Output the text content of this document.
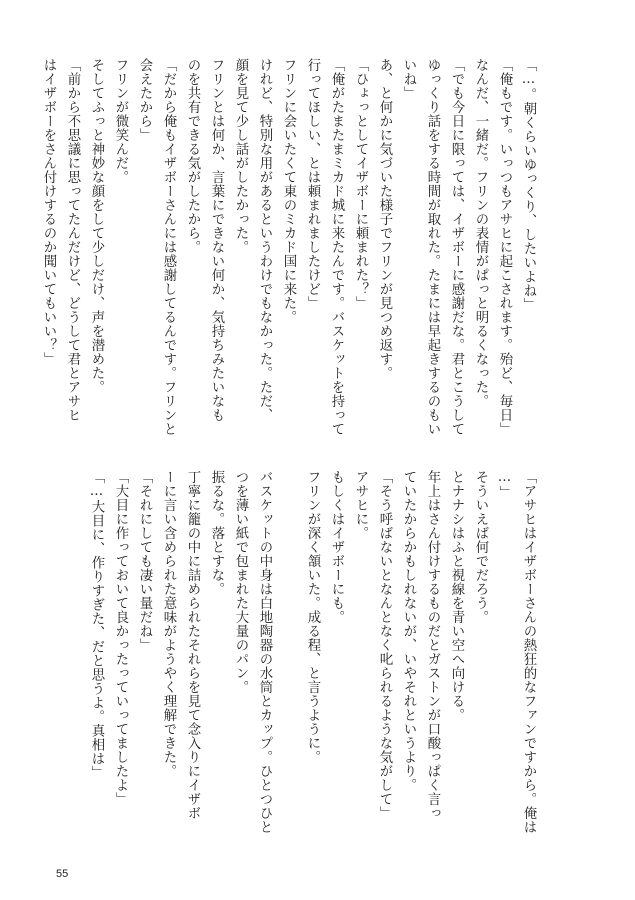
「…。朝くらいゆっくり、したいよね」
「俺もです。いっつもアサヒに起こされます。殆ど、毎日」
なんだ、一緒だ。フリンの表情がぱっと明るくなった。
「でも今日に限っては、イザボーに感謝だな。君とこうして
ゆっくり話をする時間が取れた。たまには早起きするのもい
いね」
あ、と何かに気づいた様子でフリンが見つめ返す。
「ひょっとしてイザボーに頼まれた？」
「俺がたまたまミカド城に来たんです。バスケットを持って
行ってほしい、とは頼まれましたけど」
フリンに会いたくて東のミカド国に来た。
けれど、特別な用があるというわけでもなかった。ただ、
顔を見て少し話がしたかった。
フリンとは何か、言葉にできない何か、気持ちみたいなも
のを共有できる気がしたから。
「だから俺もイザボーさんには感謝してるんです。フリンと
会えたから」
フリンが微笑んだ。
そしてふっと神妙な顔をして少しだけ、声を潜めた。
「前から不思議に思ってたんだけど、どうして君とアサヒ
はイザボーをさん付けするのか聞いてもいい？」
「アサヒはイザボーさんの熱狂的なファンですから。俺は
…」
そういえば何でだろう。
とナナシはふと視線を青い空へ向ける。
年上はさん付けするものだとガストンが口酸っぱく言っ
ていたからかもしれないが、いやそれというより。
「そう呼ばないとなんとなく叱られるような気がして」
アサヒに。
もしくはイザボーにも。
フリンが深く頷いた。成る程、と言うように。
バスケットの中身は白地陶器の水筒とカップ。ひとつひと
つを薄い紙で包まれた大量のパン。
振るな。落とすな。
丁寧に籠の中に詰められたそれらを見て念入りにイザボ
ーに言い含められた意味がようやく理解できた。
「それにしても凄い量だね」
「大目に作っておいて良かったっていってましたよ」
「…大目に、作りすぎた、だと思うよ。真相は」
55
